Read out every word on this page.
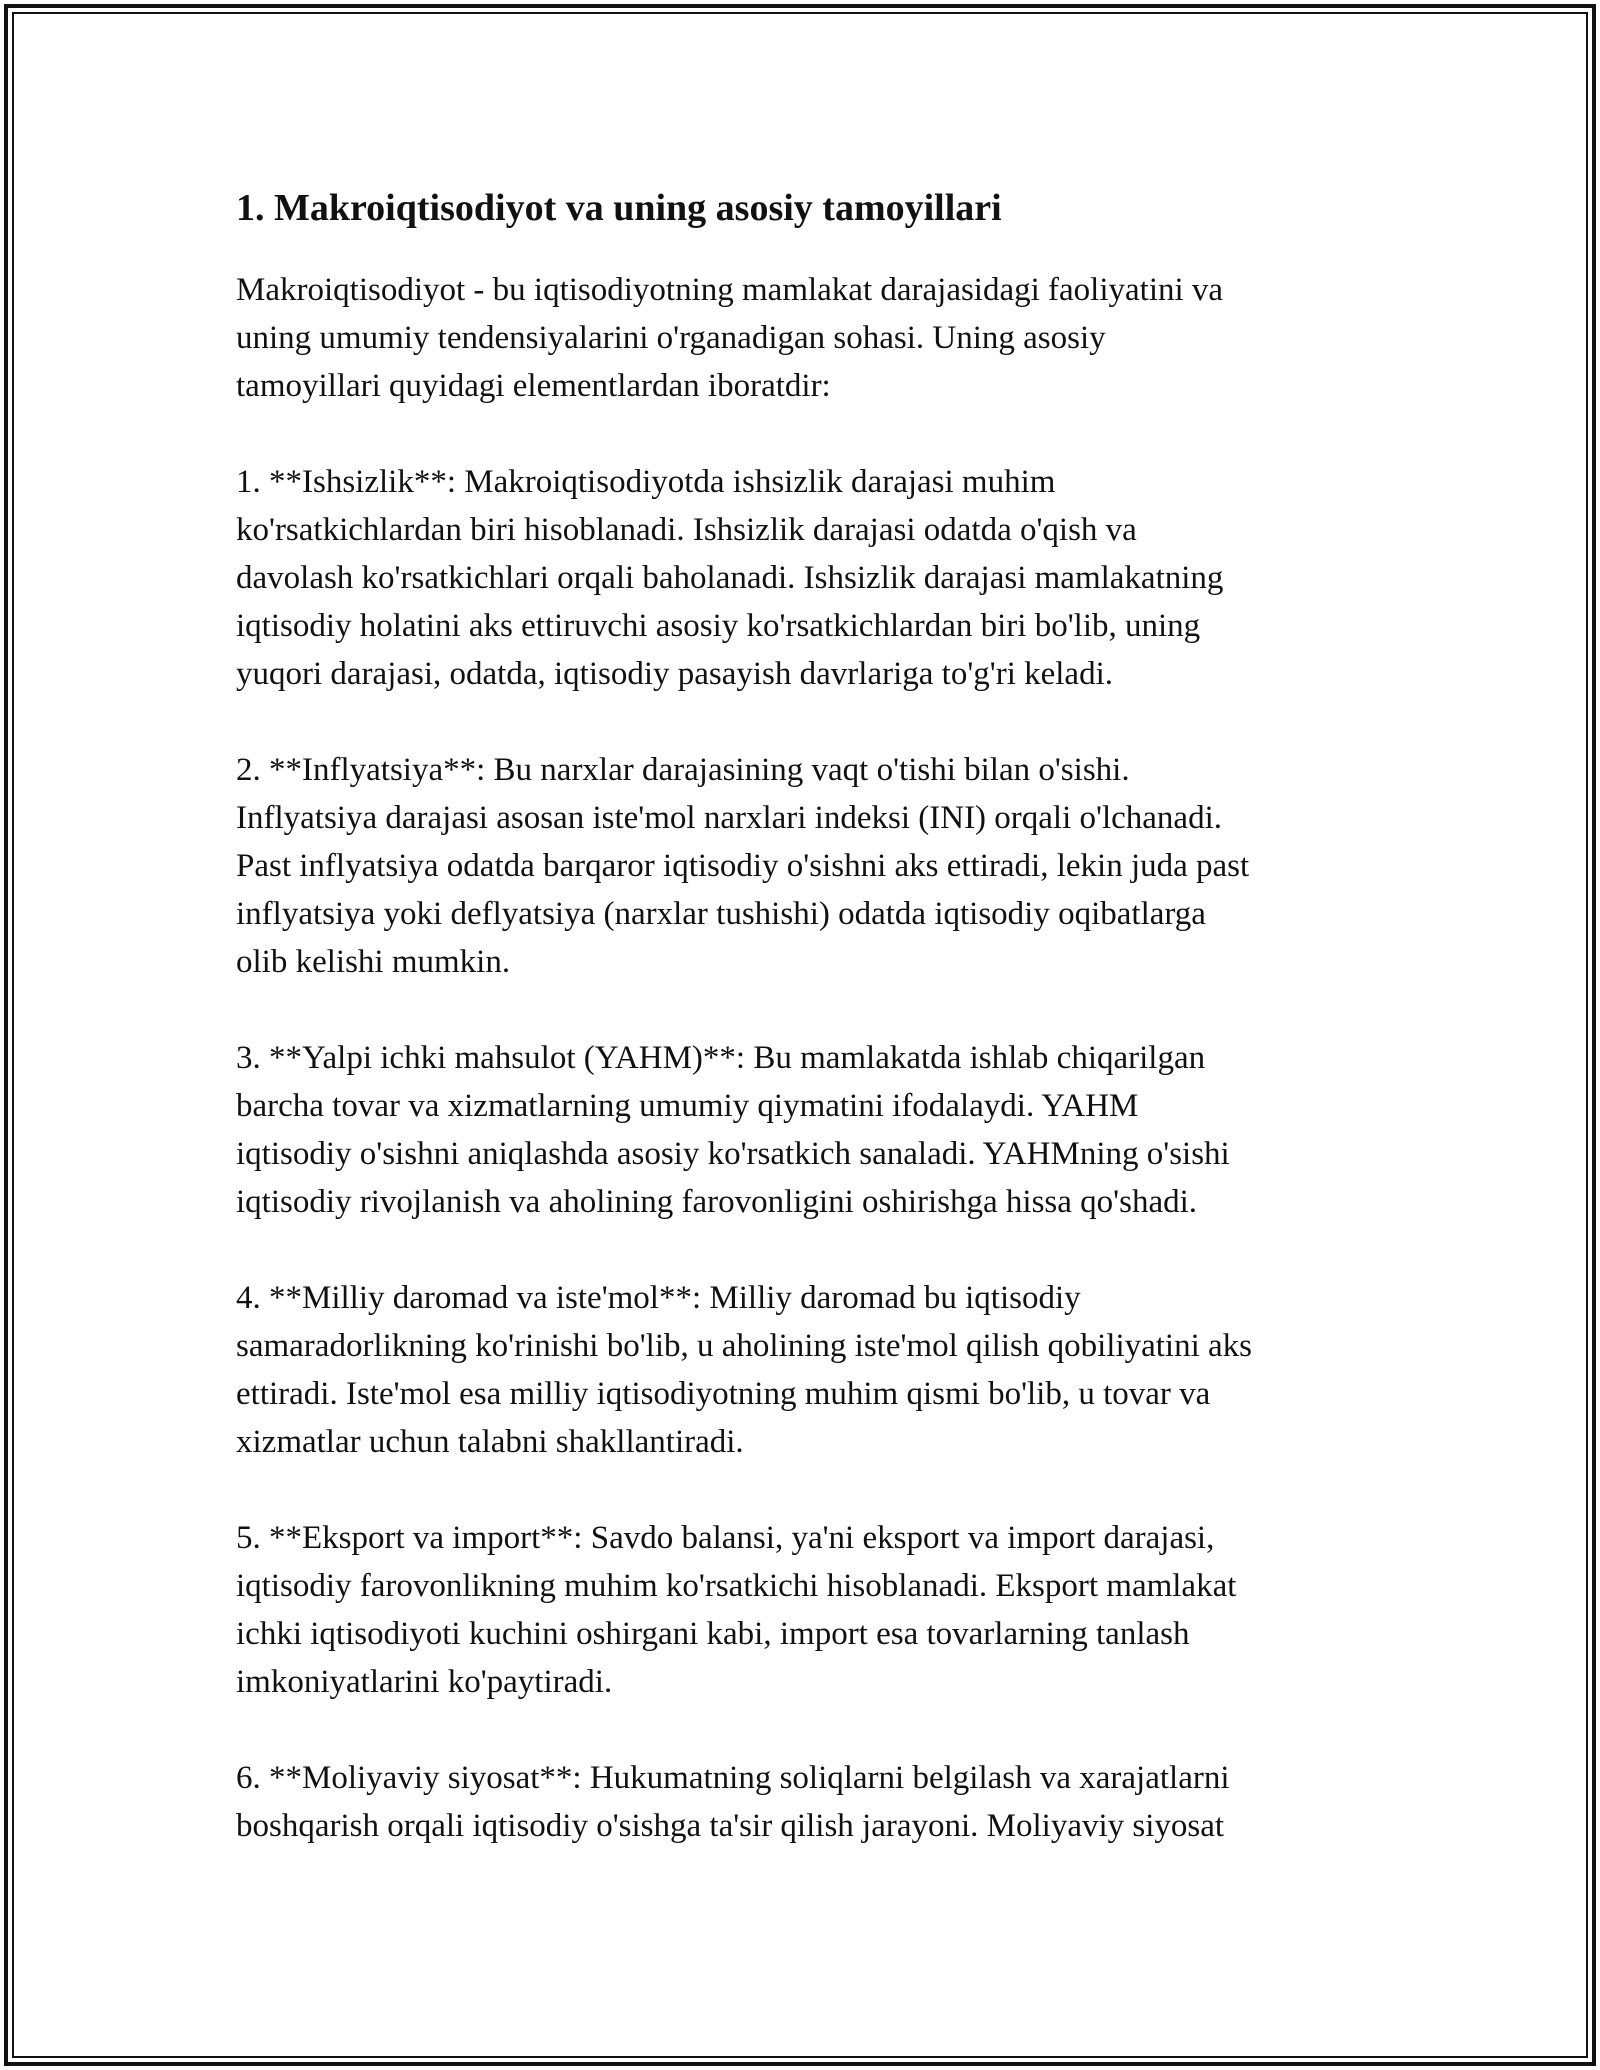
1. Makroiqtisodiyot va uning asosiy tamoyillari

Makroiqtisodiyot - bu iqtisodiyotning mamlakat darajasidagi faoliyatini va
uning umumiy tendensiyalarini o'rganadigan sohasi. Uning asosiy
tamoyillari quyidagi elementlardan iboratdir:

1. **Ishsizlik**: Makroiqtisodiyotda ishsizlik darajasi muhim
ko'rsatkichlardan biri hisoblanadi. Ishsizlik darajasi odatda o'qish va
davolash ko'rsatkichlari orqali baholanadi. Ishsizlik darajasi mamlakatning
iqtisodiy holatini aks ettiruvchi asosiy ko'rsatkichlardan biri bo'lib, uning
yuqori darajasi, odatda, iqtisodiy pasayish davrlariga to'g'ri keladi.

2. **Inflyatsiya**: Bu narxlar darajasining vaqt o'tishi bilan o'sishi.
Inflyatsiya darajasi asosan iste'mol narxlari indeksi (INI) orqali o'lchanadi.
Past inflyatsiya odatda barqaror iqtisodiy o'sishni aks ettiradi, lekin juda past
inflyatsiya yoki deflyatsiya (narxlar tushishi) odatda iqtisodiy oqibatlarga
olib kelishi mumkin.

3. **Yalpi ichki mahsulot (YAHM)**: Bu mamlakatda ishlab chiqarilgan
barcha tovar va xizmatlarning umumiy qiymatini ifodalaydi. YAHM
iqtisodiy o'sishni aniqlashda asosiy ko'rsatkich sanaladi. YAHMning o'sishi
iqtisodiy rivojlanish va aholining farovonligini oshirishga hissa qo'shadi.

4. **Milliy daromad va iste'mol**: Milliy daromad bu iqtisodiy
samaradorlikning ko'rinishi bo'lib, u aholining iste'mol qilish qobiliyatini aks
ettiradi. Iste'mol esa milliy iqtisodiyotning muhim qismi bo'lib, u tovar va
xizmatlar uchun talabni shakllantiradi.

5. **Eksport va import**: Savdo balansi, ya'ni eksport va import darajasi,
iqtisodiy farovonlikning muhim ko'rsatkichi hisoblanadi. Eksport mamlakat
ichki iqtisodiyoti kuchini oshirgani kabi, import esa tovarlarning tanlash
imkoniyatlarini ko'paytiradi.

6. **Moliyaviy siyosat**: Hukumatning soliqlarni belgilash va xarajatlarni
boshqarish orqali iqtisodiy o'sishga ta'sir qilish jarayoni. Moliyaviy siyosat
